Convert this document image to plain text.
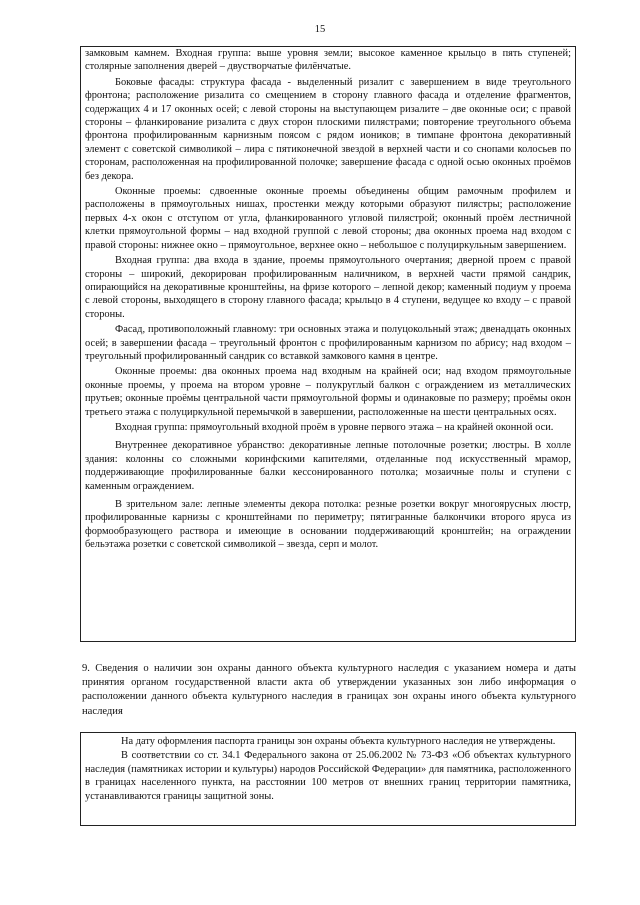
15

замковым камнем. Входная группа: выше уровня земли; высокое каменное крыльцо в пять ступеней; столярные заполнения дверей – двустворчатые филёнчатые.

Боковые фасады: структура фасада - выделенный ризалит с завершением в виде треугольного фронтона; расположение ризалита со смещением в сторону главного фасада и отделение фрагментов, содержащих 4 и 17 оконных осей; с левой стороны на выступающем ризалите – две оконные оси; с правой стороны – фланкирование ризалита с двух сторон плоскими пилястрами; повторение треугольного объема фронтона профилированным карнизным поясом с рядом иоников; в тимпане фронтона декоративный элемент с советской символикой – лира с пятиконечной звездой в верхней части и со снопами колосьев по сторонам, расположенная на профилированной полочке; завершение фасада с одной осью оконных проёмов без декора.

Оконные проемы: сдвоенные оконные проемы объединены общим рамочным профилем и расположены в прямоугольных нишах, простенки между которыми образуют пилястры; расположение первых 4-х окон с отступом от угла, фланкированного угловой пилястрой; оконный проём лестничной клетки прямоугольной формы – над входной группой с левой стороны; два оконных проема над входом с правой стороны: нижнее окно – прямоугольное, верхнее окно – небольшое с полуциркульным завершением.

Входная группа: два входа в здание, проемы прямоугольного очертания; дверной проем с правой стороны – широкий, декорирован профилированным наличником, в верхней части прямой сандрик, опирающийся на декоративные кронштейны, на фризе которого – лепной декор; каменный подиум у проема с левой стороны, выходящего в сторону главного фасада; крыльцо в 4 ступени, ведущее ко входу – с правой стороны.

Фасад, противоположный главному: три основных этажа и полуцокольный этаж; двенадцать оконных осей; в завершении фасада – треугольный фронтон с профилированным карнизом по абрису; над входом – треугольный профилированный сандрик со вставкой замкового камня в центре.

Оконные проемы: два оконных проема над входным на крайней оси; над входом прямоугольные оконные проемы, у проема на втором уровне – полукруглый балкон с ограждением из металлических прутьев; оконные проёмы центральной части прямоугольной формы и одинаковые по размеру; проёмы окон третьего этажа с полуциркульной перемычкой в завершении, расположенные на шести центральных осях.

Входная группа: прямоугольный входной проём в уровне первого этажа – на крайней оконной оси.

Внутреннее декоративное убранство: декоративные лепные потолочные розетки; люстры. В холле здания: колонны со сложными коринфскими капителями, отделанные под искусственный мрамор, поддерживающие профилированные балки кессонированного потолка; мозаичные полы и ступени с каменным ограждением.

В зрительном зале: лепные элементы декора потолка: резные розетки вокруг многоярусных люстр, профилированные карнизы с кронштейнами по периметру; пятигранные балкончики второго яруса из формообразующего раствора и имеющие в основании поддерживающий кронштейн; на ограждении бельэтажа розетки с советской символикой – звезда, серп и молот.

9. Сведения о наличии зон охраны данного объекта культурного наследия с указанием номера и даты принятия органом государственной власти акта об утверждении указанных зон либо информация о расположении данного объекта культурного наследия в границах зон охраны иного объекта культурного наследия

На дату оформления паспорта границы зон охраны объекта культурного наследия не утверждены.

В соответствии со ст. 34.1 Федерального закона от 25.06.2002 № 73-ФЗ «Об объектах культурного наследия (памятниках истории и культуры) народов Российской Федерации» для памятника, расположенного в границах населенного пункта, на расстоянии 100 метров от внешних границ территории памятника, устанавливаются границы защитной зоны.
